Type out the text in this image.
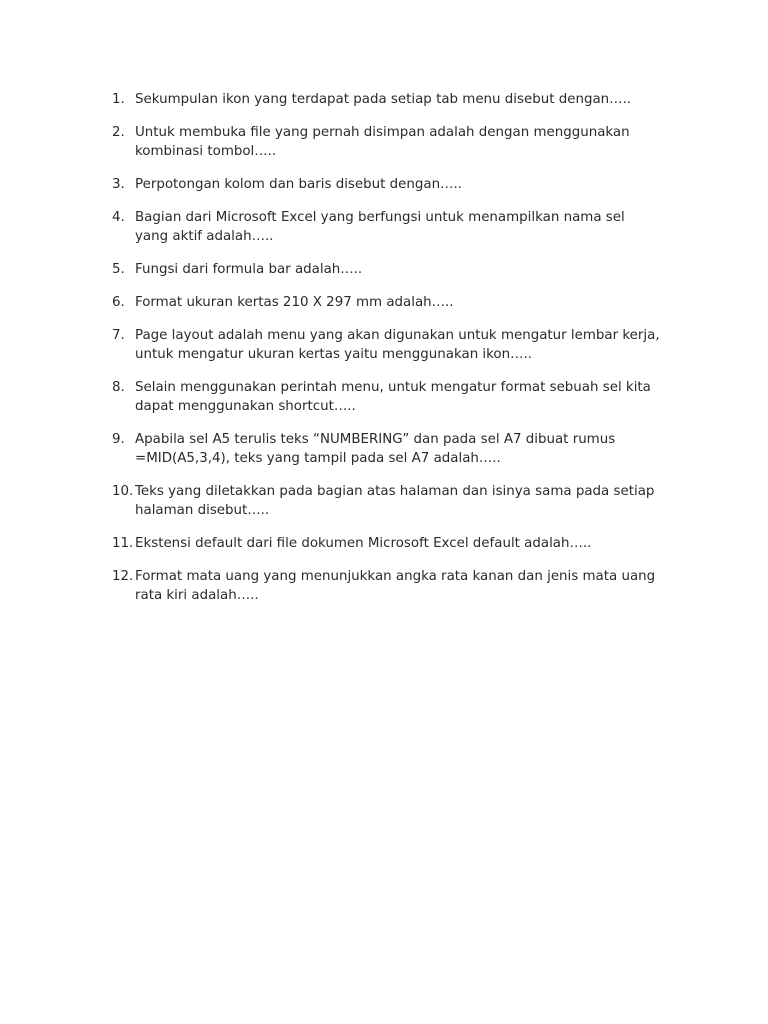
1. Sekumpulan ikon yang terdapat pada setiap tab menu disebut dengan…..
2. Untuk membuka file yang pernah disimpan adalah dengan menggunakan
kombinasi tombol…..
3. Perpotongan kolom dan baris disebut dengan…..
4. Bagian dari Microsoft Excel yang berfungsi untuk menampilkan nama sel
yang aktif adalah…..
5. Fungsi dari formula bar adalah…..
6. Format ukuran kertas 210 X 297 mm adalah…..
7. Page layout adalah menu yang akan digunakan untuk mengatur lembar kerja,
untuk mengatur ukuran kertas yaitu menggunakan ikon…..
8. Selain menggunakan perintah menu, untuk mengatur format sebuah sel kita
dapat menggunakan shortcut…..
9. Apabila sel A5 terulis teks “NUMBERING” dan pada sel A7 dibuat rumus
=MID(A5,3,4), teks yang tampil pada sel A7 adalah…..
10. Teks yang diletakkan pada bagian atas halaman dan isinya sama pada setiap
halaman disebut…..
11. Ekstensi default dari file dokumen Microsoft Excel default adalah…..
12. Format mata uang yang menunjukkan angka rata kanan dan jenis mata uang
rata kiri adalah…..
